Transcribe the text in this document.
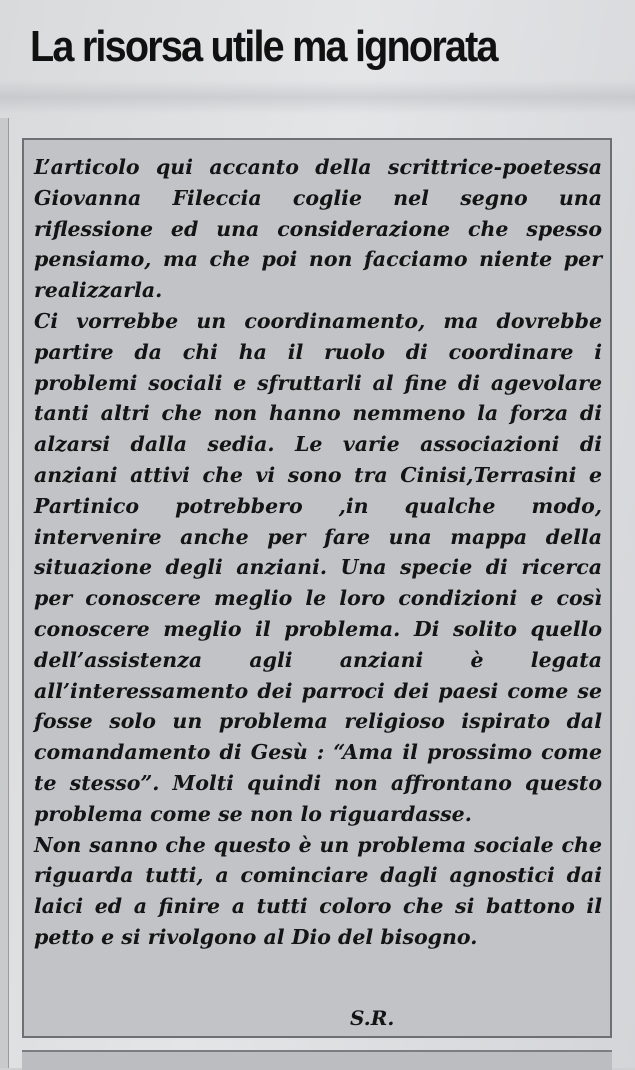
La risorsa utile ma ignorata

L’articolo qui accanto della scrittrice-poetessa Giovanna Fileccia coglie nel segno una riflessione ed una considerazione che spesso pensiamo, ma che poi non facciamo niente per realizzarla.

Ci vorrebbe un coordinamento, ma dovrebbe partire da chi ha il ruolo di coordinare i problemi sociali e sfruttarli al fine di agevolare tanti altri che non hanno nemmeno la forza di alzarsi dalla sedia. Le varie associazioni di anziani attivi che vi sono tra Cinisi,Terrasini e Partinico potrebbero ,in qualche modo, intervenire anche per fare una mappa della situazione degli anziani. Una specie di ricerca per conoscere meglio le loro condizioni e così conoscere meglio il problema. Di solito quello dell’assistenza agli anziani è legata all’interessamento dei parroci dei paesi come se fosse solo un problema religioso ispirato dal comandamento di Gesù : “Ama il prossimo come te stesso”. Molti quindi non affrontano questo problema come se non lo riguardasse.

Non sanno che questo è un problema sociale che riguarda tutti, a cominciare dagli agnostici dai laici ed a finire a tutti coloro che si battono il petto e si rivolgono al Dio del bisogno.

S.R.
